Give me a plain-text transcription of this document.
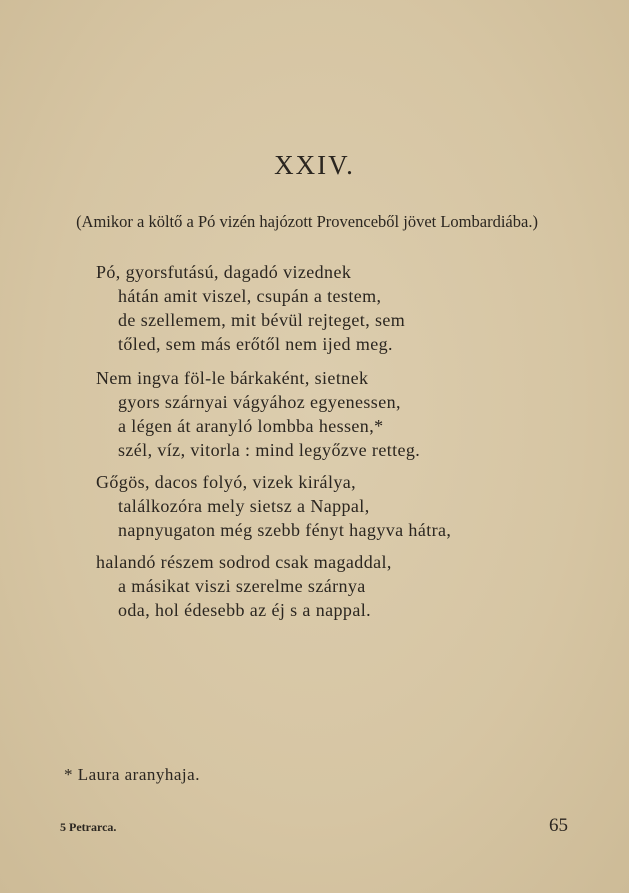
XXIV.
(Amikor a költő a Pó vizén hajózott Provenceből jövet Lombardiába.)
Pó, gyorsfutású, dagadó vizednek
hátán amit viszel, csupán a testem,
de szellemem, mit bévül rejteget, sem
tőled, sem más erőtől nem ijed meg.
Nem ingva föl-le bárkaként, sietnek
gyors szárnyai vágyához egyenessen,
a légen át aranyló lombba hessen,*
szél, víz, vitorla : mind legyőzve retteg.
Gőgös, dacos folyó, vizek királya,
találkozóra mely sietsz a Nappal,
napnyugaton még szebb fényt hagyva hátra,
halandó részem sodrod csak magaddal,
a másikat viszi szerelme szárnya
oda, hol édesebb az éj s a nappal.
* Laura aranyhaja.
5 Petrarca.	65
